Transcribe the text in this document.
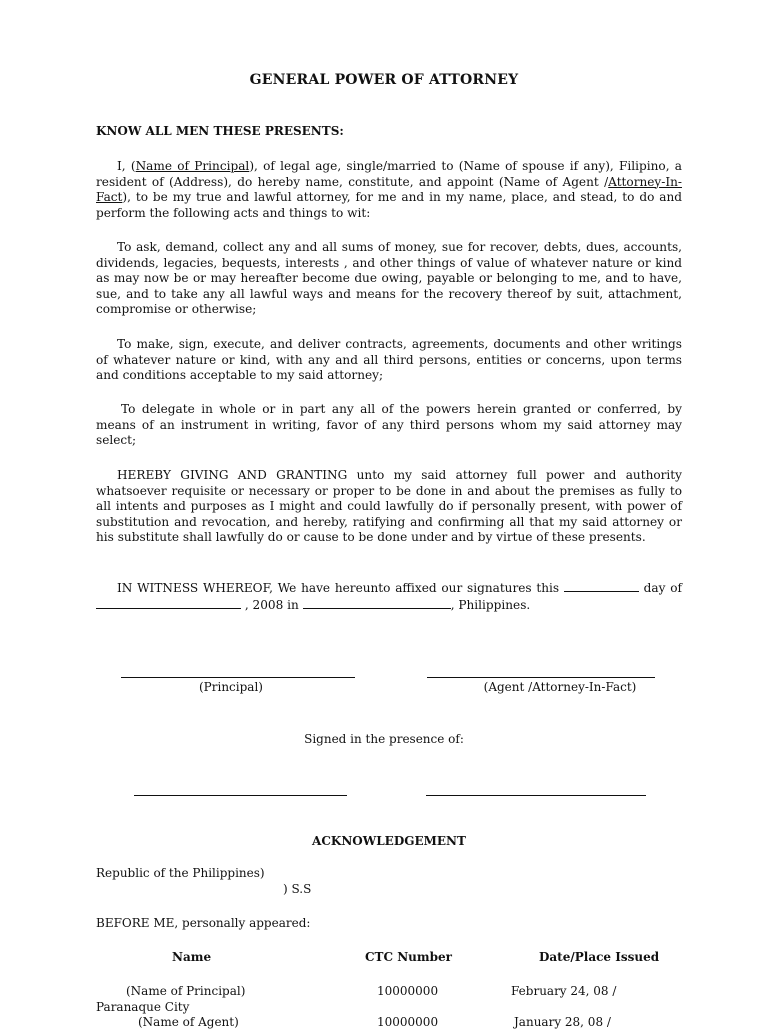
GENERAL POWER OF ATTORNEY
KNOW ALL MEN THESE PRESENTS:
I, (Name of Principal), of legal age, single/married to (Name of spouse if any), Filipino, a resident of (Address), do hereby name, constitute, and appoint (Name of Agent /Attorney-In-Fact), to be my true and lawful attorney, for me and in my name, place, and stead, to do and perform the following acts and things to wit:
To ask, demand, collect any and all sums of money, sue for recover, debts, dues, accounts, dividends, legacies, bequests, interests , and other things of value of whatever nature or kind as may now be or may hereafter become due owing, payable or belonging to me, and to have, sue, and to take any all lawful ways and means for the recovery thereof by suit, attachment, compromise or otherwise;
To make, sign, execute, and deliver contracts, agreements, documents and other writings of whatever nature or kind, with any and all third persons, entities or concerns, upon terms and conditions acceptable to my said attorney;
To delegate in whole or in part any all of the powers herein granted or conferred, by means of an instrument in writing, favor of any third persons whom my said attorney may select;
HEREBY GIVING AND GRANTING unto my said attorney full power and authority whatsoever requisite or necessary or proper to be done in and about the premises as fully to all intents and purposes as I might and could lawfully do if personally present, with power of substitution and revocation, and hereby, ratifying and confirming all that my said attorney or his substitute shall lawfully do or cause to be done under and by virtue of these presents.
IN WITNESS WHEREOF, We have hereunto affixed our signatures this	day of  , 2008 in	, Philippines.
(Principal)	(Agent /Attorney-In-Fact)
Signed in the presence of:
ACKNOWLEDGEMENT
Republic of the Philippines)
) S.S
BEFORE ME, personally appeared:
Name	CTC Number	Date/Place Issued
(Name of Principal)	10000000	February 24, 08 /
Paranaque City
(Name of Agent)	10000000	January 28, 08 /
